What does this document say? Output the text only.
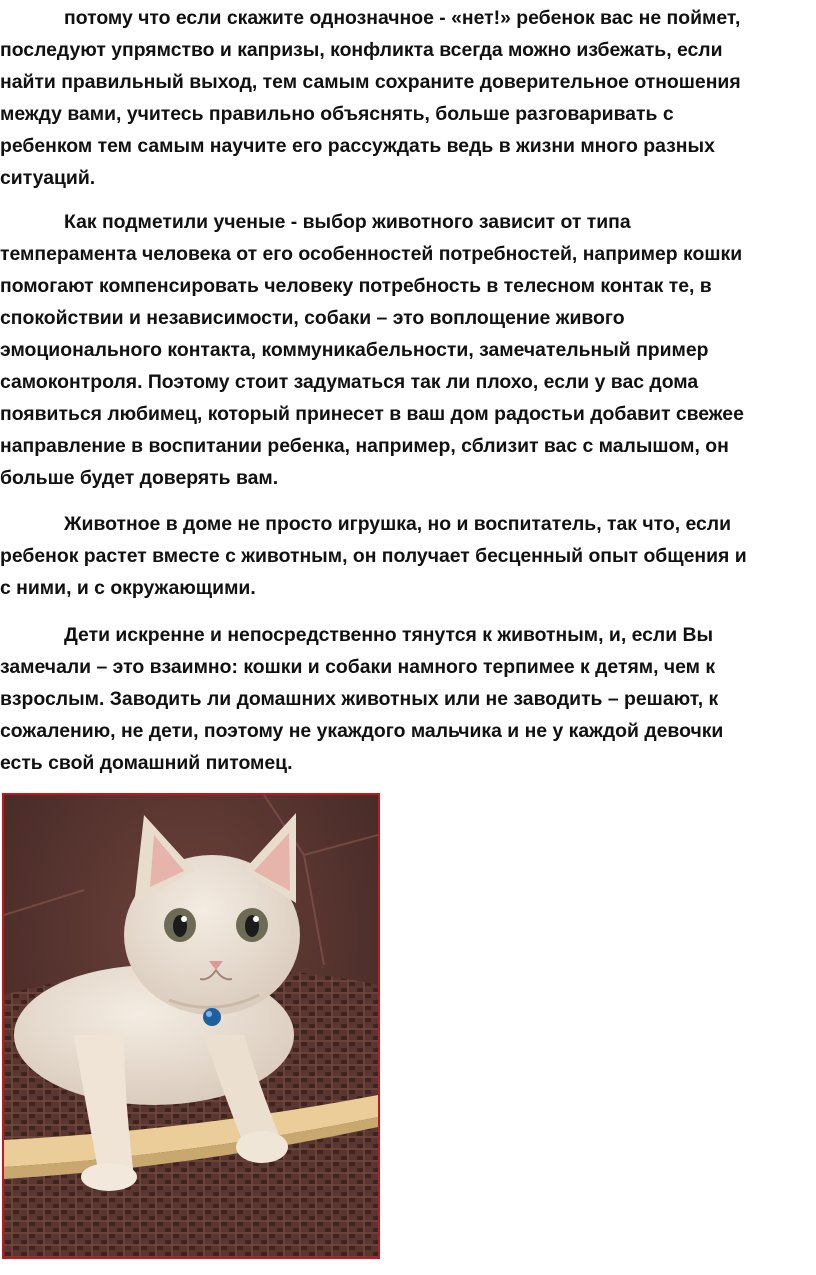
потому что если скажите однозначное - «нет!» ребенок вас не поймет,
последуют упрямство и капризы, конфликта всегда можно избежать, если
найти правильный выход, тем самым сохраните доверительное отношения
между вами, учитесь правильно объяснять, больше разговаривать с
ребенком тем самым научите его рассуждать ведь в жизни много разных
ситуаций.
Как подметили ученые - выбор животного зависит от типа
темперамента человека от его особенностей потребностей, например кошки
помогают компенсировать человеку потребность в телесном контак те, в
спокойствии и независимости, собаки – это воплощение живого
эмоционального контакта, коммуникабельности, замечательный пример
самоконтроля. Поэтому стоит задуматься так ли плохо, если у вас дома
появиться любимец, который принесет в ваш дом радостьи добавит свежее
направление в воспитании ребенка, например, сблизит вас с малышом, он
больше будет доверять вам.
Животное в доме не просто игрушка, но и воспитатель, так что, если
ребенок растет вместе с животным, он получает бесценный опыт общения и
с ними, и с окружающими.
Дети искренне и непосредственно тянутся к животным, и, если Вы
замечали – это взаимно: кошки и собаки намного терпимее к детям, чем к
взрослым. Заводить ли домашних животных или не заводить – решают, к
сожалению, не дети, поэтому не укаждого мальчика и не у каждой девочки
есть свой домашний питомец.
